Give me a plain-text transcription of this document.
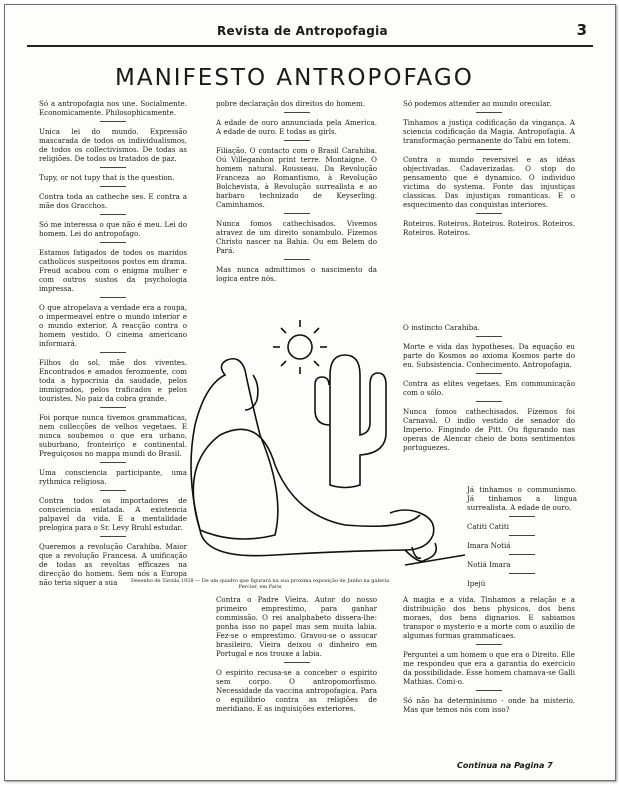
Revista de Antropofagia	3
MANIFESTO ANTROPOFAGO

Só a antropofagia nos une. Socialmente. Economicamente. Philosophicamente.

Unica lei do mundo. Expressão mascarada de todos os individualismos, de todos os collectivismos. De todas as religiões. De todos os tratados de paz.

Tupy, or not tupy that is the question.

Contra toda as catheche ses. E contra a mãe dos Gracchos.

Só me interessa o que não é meu. Lei do homem. Lei do antropofago.

Estamos fatigados de todos os maridos catholicos suspeitosos postos em drama. Freud acabou com o enigma mulher e com outros sustos da psychologia impressa.

O que atropelava a verdade era a roupa, o impermeavel entre o mundo interior e o mundo exterior. A reacção contra o homem vestido. O cinema americano informará.

Filhos do sol, mãe dos viventes. Encontrados e amados ferozmente, com toda a hypocrisia da saudade, pelos immigrados, pelos traficados e pelos touristes. No paiz da cobra grande.

Foi porque nunca tivemos grammaticas, nem collecções de velhos vegetaes. E nunca soubemos o que era urbano, suburbano, fronteiriço e continental. Preguiçosos no mappa mundi do Brasil.

Uma consciencia participante, uma rythmica religiosa.

Contra todos os importadores de consciencia enlatada. A existencia palpavel da vida. E a mentalidade prelogica para o Sr. Levy Bruhl estudar.

Queremos a revolução Carahiba. Maior que a revolução Francesa. A unificação de todas as revoltas efficazes na direcção do homem. Sem nós a Europa não teria siquer a sua

pobre declaração dos direitos do homem.

A edade de ouro annunciada pela America. A edade de ouro. E todas as girls.

Filiação. O contacto com o Brasil Carahiba. Oú Villeganhon print terre. Montaigne. O homem natural. Rousseau. Da Revolução Franceza ao Romantismo, à Revolução Bolchevista, à Revolução surrealista e ao barbaro technizado de Keyserling. Caminhamos.

Nunca fomos cathechisados. Vivemos atravez de um direito sonambulo. Fizemos Christo nascer na Bahia. Ou em Belem do Pará.

Mas nunca admittimos o nascimento da logica entre nós.

Só podemos attender ao mundo orecular.

Tinhamos a justiça codificação da vingança. A sciencia codificação da Magia. Antropofagia. A transformação permanente do Tabú em totem.

Contra o mundo reversivel e as idéas objectivadas. Cadaverizadas. O stop do pensamento que é dynamico. O individuo victima do systema. Fonte das injustiças classicas. Das injustiças romanticas. E o esquecimento das conquistas interiores.

Roteiros. Roteiros. Roteiros. Roteiros. Roteiros. Roteiros. Roteiros.

O instincto Carahiba.

Morte e vida das hypotheses. Da equação eu parte do Kosmos ao axioma Kosmos parte do eu. Subsistencia. Conhecimento. Antropofagia.

Contra as elites vegetaes. Em communicação com o sólo.

Nunca fomos cathechisados. Fizemos foi Carnaval. O indio vestido de senador do Imperio. Fingindo de Pitt. Ou figurando nas operas de Alencar cheio de bons sentimentos portuguezes.

Já tinhamos o communismo. Já tinhamos a lingua surrealista. A edade de ouro.

Catiti Catiti

Imara Notiá

Notiá Imara

Ipejú

Contra o Padre Vieira. Autor do nosso primeiro emprestimo, para ganhar commissão. O rei analphabeto dissera-lhe: ponha isso no papel mas sem muita labia. Fez-se o emprestimo. Gravou-se o assucar brasileiro. Vieira deixou o dinheiro em Portugal e nos trouxe a labia.

O espirito recusa-se a conceber o espirito sem corpo. O antropomorfismo. Necessidade da vaccina antropofagica. Para o equilibrio contra as religiões de meridiano. E as inquisições exteriores.

A magia e a vida. Tinhamos a relação e a distribuição dos bens physicos, dos bens moraes, dos bens dignarios. E sabiamos transpor o mysterio e a morte com o auxilio de algumas formas grammaticaes.

Perguntei a um homem o que era o Direito. Elle me respondeu que era a garantia do exercicio da possibilidade. Esse homem chamava-se Galli Mathias. Comi-o.

Só não ha determinismo - onde ha misterio. Mas que temos nós com isso?

Desenho de Tarsila 1928 — De um quadro que figurará na sua proxima exposição de Junho na galeria Percier, em Paris
Continua na Pagina 7
